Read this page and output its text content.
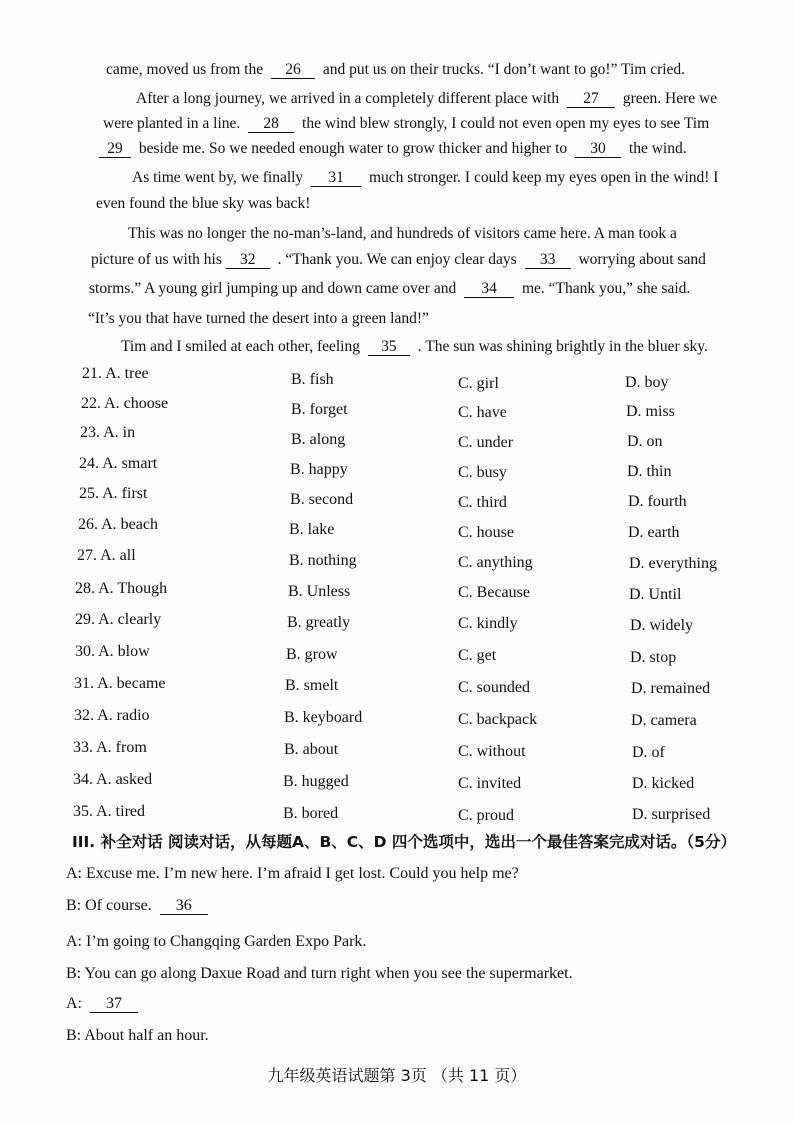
came, moved us from the 26 and put us on their trucks. “I don’t want to go!” Tim cried.
After a long journey, we arrived in a completely different place with 27 green. Here we
were planted in a line. 28 the wind blew strongly, I could not even open my eyes to see Tim
29 beside me. So we needed enough water to grow thicker and higher to 30 the wind.
As time went by, we finally 31 much stronger. I could keep my eyes open in the wind! I
even found the blue sky was back!
This was no longer the no-man’s-land, and hundreds of visitors came here. A man took a
picture of us with his 32 . “Thank you. We can enjoy clear days 33 worrying about sand
storms.” A young girl jumping up and down came over and 34 me. “Thank you,” she said.
“It’s you that have turned the desert into a green land!”
Tim and I smiled at each other, feeling 35 . The sun was shining brightly in the bluer sky.
21. A. tree	B. fish	C. girl	D. boy
22. A. choose	B. forget	C. have	D. miss
23. A. in	B. along	C. under	D. on
24. A. smart	B. happy	C. busy	D. thin
25. A. first	B. second	C. third	D. fourth
26. A. beach	B. lake	C. house	D. earth
27. A. all	B. nothing	C. anything	D. everything
28. A. Though	B. Unless	C. Because	D. Until
29. A. clearly	B. greatly	C. kindly	D. widely
30. A. blow	B. grow	C. get	D. stop
31. A. became	B. smelt	C. sounded	D. remained
32. A. radio	B. keyboard	C. backpack	D. camera
33. A. from	B. about	C. without	D. of
34. A. asked	B. hugged	C. invited	D. kicked
35. A. tired	B. bored	C. proud	D. surprised
III. 补全对话 阅读对话，从每题A、B、C、D 四个选项中，选出一个最佳答案完成对话。（5分）
A: Excuse me. I’m new here. I’m afraid I get lost. Could you help me?
B: Of course. 36
A: I’m going to Changqing Garden Expo Park.
B: You can go along Daxue Road and turn right when you see the supermarket.
A: 37
B: About half an hour.
九年级英语试题第 3页 （共 11 页）
